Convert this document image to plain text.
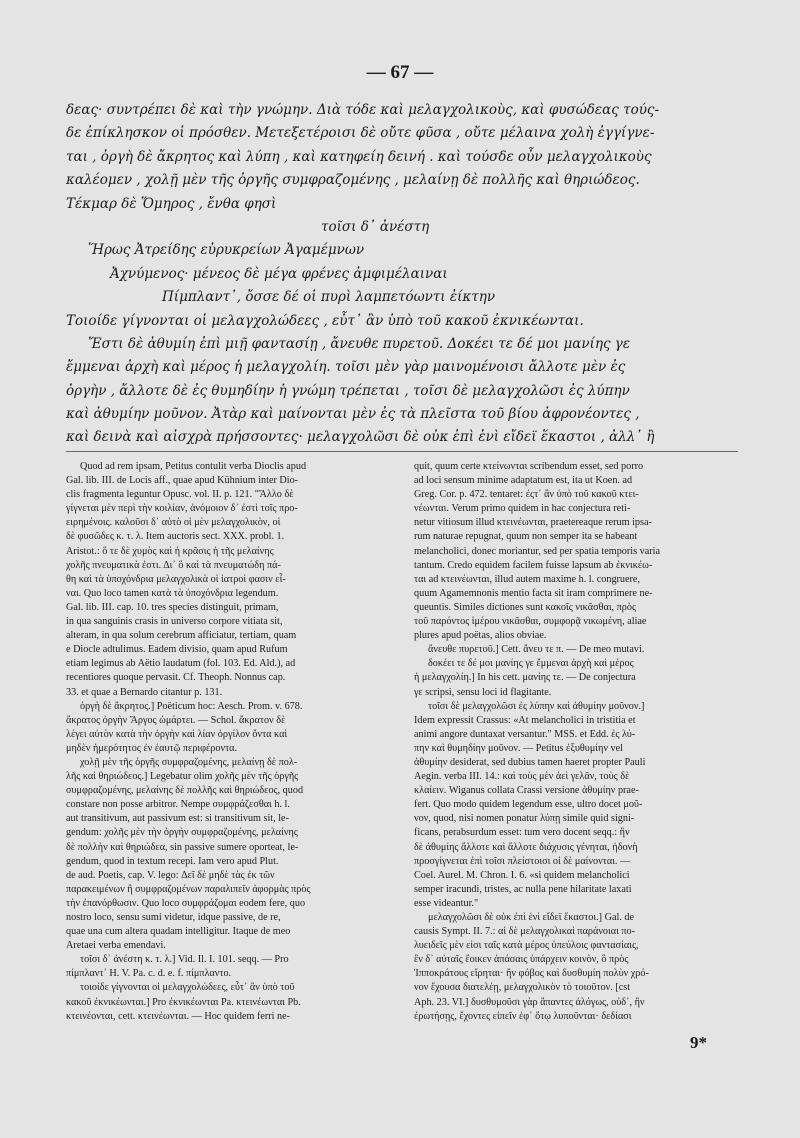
— 67 —
δεας· συντρέπει δὲ καὶ τὴν γνώμην. Διὰ τόδε καὶ μελαγχολικοὺς, καὶ φυσώδεας τούς-
δε ἐπίκλησκον οἱ πρόσθεν. Μετεξετέροισι δὲ οὔτε φῦσα , οὔτε μέλαινα χολὴ ἐγγίγνε-
ται , ὀργὴ δὲ ἄκρητος καὶ λύπη , καὶ κατηφείη δεινή . καὶ τούσδε οὖν μελαγχολικοὺς
καλέομεν , χολῇ μὲν τῆς ὀργῆς συμφραζομένης , μελαίνῃ δὲ πολλῆς καὶ θηριώδεος.
Τέκμαρ δὲ Ὅμηρος , ἔνθα φησὶ
τοῖσι δ᾽ ἀνέστη
Ἥρως Ἀτρείδης εὐρυκρείων Ἀγαμέμνων
Ἀχνύμενος· μένεος δὲ μέγα φρένες ἀμφιμέλαιναι
Πίμπλαντ᾽, ὄσσε δέ οἱ πυρὶ λαμπετόωντι ἐίκτην
Τοιοίδε γίγνονται οἱ μελαγχολώδεες , εὖτ᾽ ἂν ὑπὸ τοῦ κακοῦ ἐκνικέωνται.
Ἔστι δὲ ἀθυμίη ἐπὶ μιῇ φαντασίῃ , ἄνευθε πυρετοῦ. Δοκέει τε δέ μοι μανίης γε
ἔμμεναι ἀρχὴ καὶ μέρος ἡ μελαγχολίη. τοῖσι μὲν γὰρ μαινομένοισι ἄλλοτε μὲν ἐς
ὀργὴν , ἄλλοτε δὲ ἐς θυμηδίην ἡ γνώμη τρέπεται , τοῖσι δὲ μελαγχολῶσι ἐς λύπην
καὶ ἀθυμίην μοῦνον. Ἀτὰρ καὶ μαίνονται μὲν ἐς τὰ πλεῖστα τοῦ βίου ἀφρονέοντες ,
καὶ δεινὰ καὶ αἰσχρὰ πρήσσοντες· μελαγχολῶσι δὲ οὐκ ἐπὶ ἑνὶ εἴδεϊ ἕκαστοι , ἀλλ᾽ ἢ
Quod ad rem ipsam, Petitus contulit verba Dioclis apud
Gal. lib. III. de Locis aff., quae apud Kühnium inter Dio-
clis fragmenta leguntur Opusc. vol. II. p. 121. "Ἄλλο δὲ
γίγνεται μὲν περὶ τὴν κοιλίαν, ἀνόμοιον δ᾽ ἐστὶ τοῖς προ-
ειρημένοις. καλοῦσι δ᾽ αὐτὸ οἱ μὲν μελαγχολικὸν, οἱ
δὲ φυσῶδες κ. τ. λ. Item auctoris sect. XXX. probl. 1.
Aristot.: ὅ τε δὲ χυμὸς καὶ ἡ κρᾶσις ἡ τῆς μελαίνης
χολῆς πνευματικὰ ἐστι. Δι᾽ ὃ καὶ τὰ πνευματώδη πά-
θη καὶ τὰ ὑποχόνδρια μελαγχολικὰ οἱ ἰατροί φασιν εἶ-
ναι. Quo loco tamen κατὰ τὰ ὑποχόνδρια legendum.
Gal. lib. III. cap. 10. tres species distinguit, primam,
in qua sanguinis crasis in universo corpore vitiata sit,
alteram, in qua solum cerebrum afficiatur, tertiam, quam
e Diocle adtulimus. Eadem divisio, quam apud Rufum
etiam legimus ab Aëtio laudatum (fol. 103. Ed. Ald.), ad
recentiores quoque pervasit. Cf. Theoph. Nonnus cap.
33. et quae a Bernardo citantur p. 131.
ὀργὴ δὲ ἄκρητος.] Poëticum hoc: Aesch. Prom. v. 678.
ἄκρατος ὀργὴν Ἄργος ὡμάρτει. — Schol. ἄκρατον δὲ
λέγει αὐτὸν κατὰ τὴν ὀργὴν καὶ λίαν ὀργίλον ὄντα καὶ
μηδὲν ἡμερότητος ἐν ἑαυτῷ περιφέροντα.
χολῇ μὲν τῆς ὀργῆς συμφραζομένης, μελαίνῃ δὲ πολ-
λῆς καὶ θηριώδεος.] Legebatur olim χολῆς μὲν τῆς ὀργῆς
συμφραζομένης, μελαίνης δὲ πολλῆς καὶ θηριώδεος, quod
constare non posse arbitror. Nempe συμφράζεσθαι h. l.
aut transitivum, aut passivum est: si transitivum sit, le-
gendum: χολῆς μὲν τὴν ὀργὴν συμφραζομένης, μελαίνης
δὲ πολλὴν καὶ θηριώδεα, sin passive sumere oporteat, le-
gendum, quod in textum recepi. Iam vero apud Plut.
de aud. Poetis, cap. V. lego: Δεῖ δὲ μηδὲ τὰς ἐκ τῶν
παρακειμένων ἢ συμφραζομένων παραλιπεῖν ἀφορμὰς πρὸς
τὴν ἐπανόρθωσιν. Quo loco συμφράζομαι eodem fere, quo
nostro loco, sensu sumi videtur, idque passive, de re,
quae una cum altera quadam intelligitur. Itaque de meo
Aretaei verba emendavi.
τοῖσι δ᾽ ἀνέστη κ. τ. λ.] Vid. Il. I. 101. seqq. — Pro
πίμπλαντ᾽ H. V. Pa. c. d. e. f. πίμπλαντο.
τοιοίδε γίγνονται οἱ μελαγχολώδεες, εὖτ᾽ ἂν ὑπὸ τοῦ
κακοῦ ἐκνικέωνται.] Pro ἐκνικέωνται Pa. κτεινέωνται Pb.
κτεινέονται, cett. κτεινέωνται. — Hoc quidem ferri ne-
quit, quum certe κτείνωνται scribendum esset, sed porro
ad loci sensum minime adaptatum est, ita ut Koen. ad
Greg. Cor. p. 472. tentaret: ἐςτ᾽ ἂν ὑπὸ τοῦ κακοῦ κτει-
νέωνται. Verum primo quidem in hac conjectura reti-
netur vitiosum illud κτεινέωνται, praetereaque rerum ipsa-
rum naturae repugnat, quum non semper ita se habeant
melancholici, donec moriantur, sed per spatia temporis varia
tantum. Credo equidem facilem fuisse lapsum ab ἐκνικέω-
ται ad κτεινέωνται, illud autem maxime h. l. congruere,
quum Agamemnonis mentio facta sit iram comprimere ne-
queuntis. Similes dictiones sunt κακοῖς νικᾶσθαι, πρὸς
τοῦ παρόντος ἱμέρου νικᾶσθαι, συμφορᾷ νικωμένη, aliae
plures apud poëtas, alios obviae.
ἄνευθε πυρετοῦ.] Cett. ἄνευ τε π. — De meo mutavi.
δοκέει τε δέ μοι μανίης γε ἔμμεναι ἀρχὴ καὶ μέρος
ἡ μελαγχολίη.] In his cett. μανίης τε. — De conjectura
γε scripsi, sensu loci id flagitante.
τοῖσι δὲ μελαγχολῶσι ἐς λύπην καὶ ἀθυμίην μοῦνον.]
Idem expressit Crassus: «At melancholici in tristitia et
animi angore duntaxat versantur." MSS. et Edd. ἐς λύ-
πην καὶ θυμηδίην μοῦνον. — Petitus ἐξυθυμίην vel
ἀθυμίην desiderat, sed dubius tamen haeret propter Pauli
Aegin. verba III. 14.: καὶ τοὺς μὲν ἀεὶ γελᾶν, τοὺς δὲ
κλαίειν. Wiganus collata Crassi versione ἀθυμίην prae-
fert. Quo modo quidem legendum esse, ultro docet μοῦ-
νον, quod, nisi nomen ponatur λύπῃ simile quid signi-
ficans, perabsurdum esset: tum vero docent seqq.: ἣν
δὲ ἀθυμίης ἄλλοτε καὶ ἄλλοτε διάχυσις γένηται, ἡδονὴ
προσγίγνεται ἐπὶ τοῖσι πλείστοισι οἱ δὲ μαίνονται. —
Coel. Aurel. M. Chron. I. 6. «si quidem melancholici
semper iracundi, tristes, ac nulla pene hilaritate laxati
esse videantur."
μελαγχολῶσι δὲ οὐκ ἐπὶ ἑνὶ εἴδεϊ ἕκαστοι.] Gal. de
causis Sympt. II. 7.: αἱ δὲ μελαγχολικαὶ παράνοιαι πο-
λυειδεῖς μὲν εἰσι ταῖς κατὰ μέρος ὑπεύλοις φαντασίαις,
ἓν δ᾽ αὐταῖς ἔοικεν ἁπάσαις ὑπάρχειν κοινὸν, ὃ πρὸς
Ἱπποκράτους εἴρηται· ἢν φόβος καὶ δυσθυμίη πολὺν χρό-
νον ἔχουσα διατελέῃ, μελαγχολικὸν τὸ τοιοῦτον. [cst
Aph. 23. VI.] δυσθυμοῦσι γὰρ ἅπαντες ἀλόγως, οὐδ᾽, ἢν
ἐρωτήσῃς, ἔχοντες εἰπεῖν ἐφ᾽ ὅτῳ λυποῦνται· δεδίασι
9*
